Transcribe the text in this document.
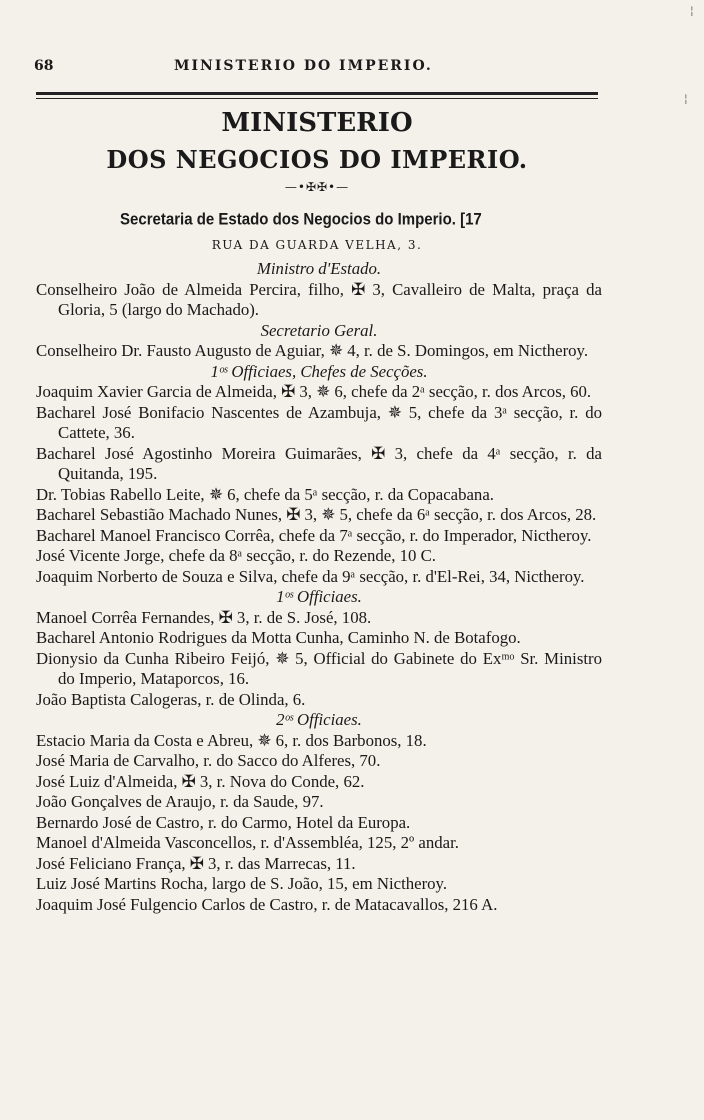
68	MINISTERIO DO IMPERIO.
MINISTERIO
DOS NEGOCIOS DO IMPERIO.
—•✠✠•—
Secretaria de Estado dos Negocios do Imperio. [17
RUA DA GUARDA VELHA, 3.
Ministro d'Estado.
Conselheiro João de Almeida Percira, filho, ✠ 3, Cavalleiro de Malta, praça da Gloria, 5 (largo do Machado).
Secretario Geral.
Conselheiro Dr. Fausto Augusto de Aguiar, ✵ 4, r. de S. Domingos, em Nictheroy.
1ᵒˢ Officiaes, Chefes de Secções.
Joaquim Xavier Garcia de Almeida, ✠ 3, ✵ 6, chefe da 2ᵃ secção, r. dos Arcos, 60.
Bacharel José Bonifacio Nascentes de Azambuja, ✵ 5, chefe da 3ᵃ secção, r. do Cattete, 36.
Bacharel José Agostinho Moreira Guimarães, ✠ 3, chefe da 4ᵃ secção, r. da Quitanda, 195.
Dr. Tobias Rabello Leite, ✵ 6, chefe da 5ᵃ secção, r. da Copacabana.
Bacharel Sebastião Machado Nunes, ✠ 3, ✵ 5, chefe da 6ᵃ secção, r. dos Arcos, 28.
Bacharel Manoel Francisco Corrêa, chefe da 7ᵃ secção, r. do Imperador, Nictheroy.
José Vicente Jorge, chefe da 8ᵃ secção, r. do Rezende, 10 C.
Joaquim Norberto de Souza e Silva, chefe da 9ᵃ secção, r. d'El-Rei, 34, Nictheroy.
1ᵒˢ Officiaes.
Manoel Corrêa Fernandes, ✠ 3, r. de S. José, 108.
Bacharel Antonio Rodrigues da Motta Cunha, Caminho N. de Botafogo.
Dionysio da Cunha Ribeiro Feijó, ✵ 5, Official do Gabinete do Exᵐᵒ Sr. Ministro do Imperio, Mataporcos, 16.
João Baptista Calogeras, r. de Olinda, 6.
2ᵒˢ Officiaes.
Estacio Maria da Costa e Abreu, ✵ 6, r. dos Barbonos, 18.
José Maria de Carvalho, r. do Sacco do Alferes, 70.
José Luiz d'Almeida, ✠ 3, r. Nova do Conde, 62.
João Gonçalves de Araujo, r. da Saude, 97.
Bernardo José de Castro, r. do Carmo, Hotel da Europa.
Manoel d'Almeida Vasconcellos, r. d'Assembléa, 125, 2º andar.
José Feliciano França, ✠ 3, r. das Marrecas, 11.
Luiz José Martins Rocha, largo de S. João, 15, em Nictheroy.
Joaquim José Fulgencio Carlos de Castro, r. de Matacavallos, 216 A.
¦
¦
